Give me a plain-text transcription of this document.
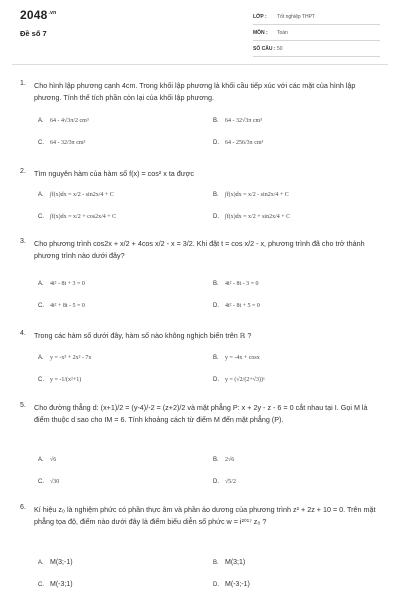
$2048^{.vn}$
Đề số 7
LỚP :	Tốt nghiệp THPT
MÔN :	Toán
SỐ CÂU : 50
1.	Cho hình lập phương cạnh 4cm. Trong khối lập phương là khối cầu tiếp xúc với các mặt của hình lập phương. Tính thể tích phần còn lại của khối lập phương.
A.	64 - 4√3π/2 cm³	B.	64 - 32√3π cm³
C.	64 - 32/3π cm³	D.	64 - 256/3π cm³
2.	Tìm nguyên hàm của hàm số f(x) = cos² x ta được
A.	∫f(x)dx = x/2 - sin2x/4 + C	B.	∫f(x)dx = x/2 - sin2x/4 + C
C.	∫f(x)dx = x/2 + cos2x/4 + C	D.	∫f(x)dx = x/2 + sin2x/4 + C
3.	Cho phương trình cos2x + x/2 + 4cos x/2 - x = 3/2. Khi đặt t = cos x/2 - x, phương trình đã cho trở thành phương trình nào dưới đây?
A.	4t² - 8t + 3 = 0	B.	4t² - 8t - 3 = 0
C.	4t² + 8t - 5 = 0	D.	4t² - 8t + 5 = 0
4.	Trong các hàm số dưới đây, hàm số nào không nghịch biến trên ℝ ?
A.	y = -x³ + 2x² - 7x	B.	y = -4x + cosx
C.	y = -1/(x²+1)	D.	y = (√2/(2+√3))ˣ
5.	Cho đường thẳng d: (x+1)/2 = (y-4)/-2 = (z+2)/2 và mặt phẳng P: x + 2y - z - 6 = 0 cắt nhau tại I. Gọi M là điểm thuộc d sao cho IM = 6. Tính khoảng cách từ điểm M đến mặt phẳng (P).
A.	√6	B.	2√6
C.	√30	D.	√5/2
6.	Kí hiệu z₀ là nghiệm phức có phần thực âm và phần ảo dương của phương trình z² + 2z + 10 = 0. Trên mặt phẳng tọa độ, điểm nào dưới đây là điểm biểu diễn số phức w = i²⁰¹⁷ z₀ ?
A. M(3;-1)	B. M(3;1)
C. M(-3;1)	D. M(-3;-1)
